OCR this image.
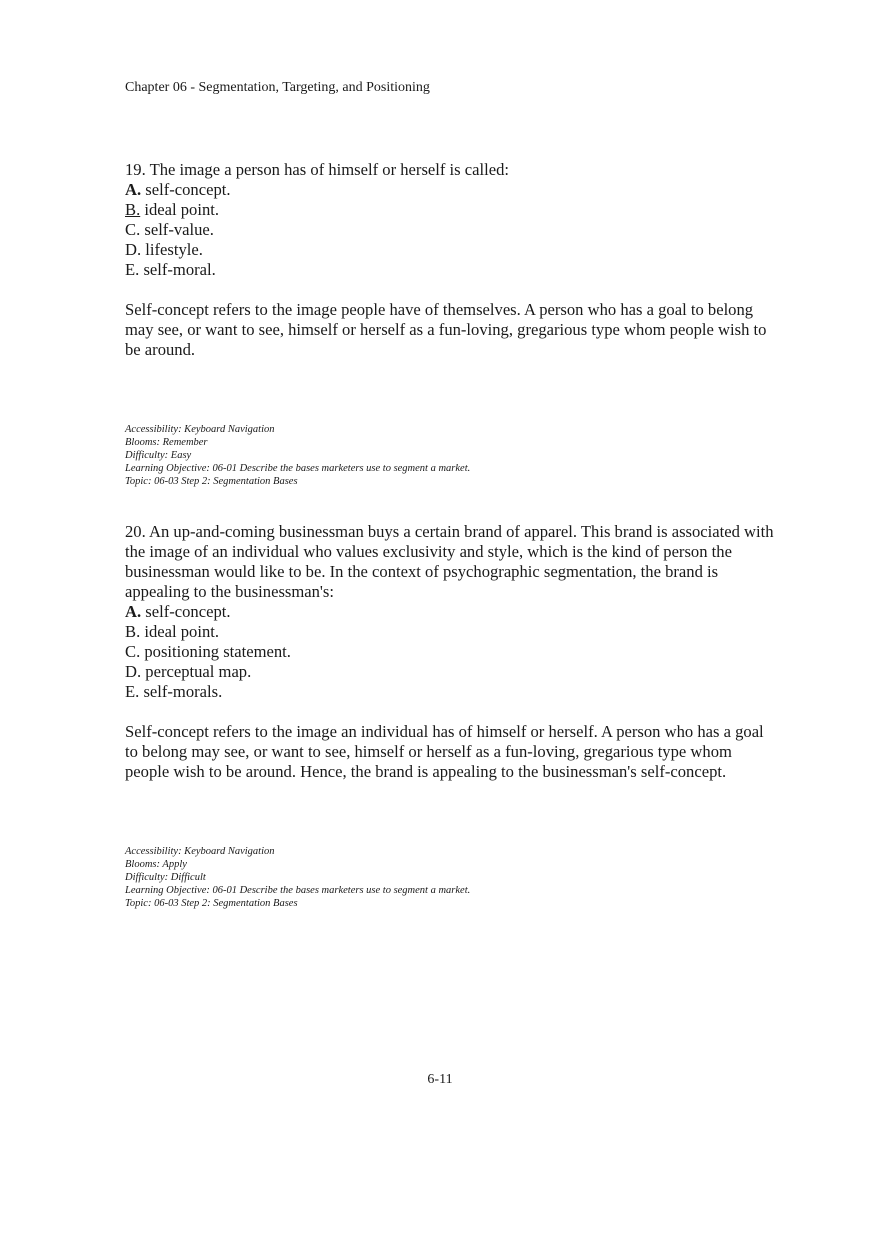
Chapter 06 - Segmentation, Targeting, and Positioning
19. The image a person has of himself or herself is called:
A. self-concept.
B. ideal point.
C. self-value.
D. lifestyle.
E. self-moral.
Self-concept refers to the image people have of themselves. A person who has a goal to belong may see, or want to see, himself or herself as a fun-loving, gregarious type whom people wish to be around.
Accessibility: Keyboard Navigation
Blooms: Remember
Difficulty: Easy
Learning Objective: 06-01 Describe the bases marketers use to segment a market.
Topic: 06-03 Step 2: Segmentation Bases
20. An up-and-coming businessman buys a certain brand of apparel. This brand is associated with the image of an individual who values exclusivity and style, which is the kind of person the businessman would like to be. In the context of psychographic segmentation, the brand is appealing to the businessman's:
A. self-concept.
B. ideal point.
C. positioning statement.
D. perceptual map.
E. self-morals.
Self-concept refers to the image an individual has of himself or herself. A person who has a goal to belong may see, or want to see, himself or herself as a fun-loving, gregarious type whom people wish to be around. Hence, the brand is appealing to the businessman's self-concept.
Accessibility: Keyboard Navigation
Blooms: Apply
Difficulty: Difficult
Learning Objective: 06-01 Describe the bases marketers use to segment a market.
Topic: 06-03 Step 2: Segmentation Bases
6-11
